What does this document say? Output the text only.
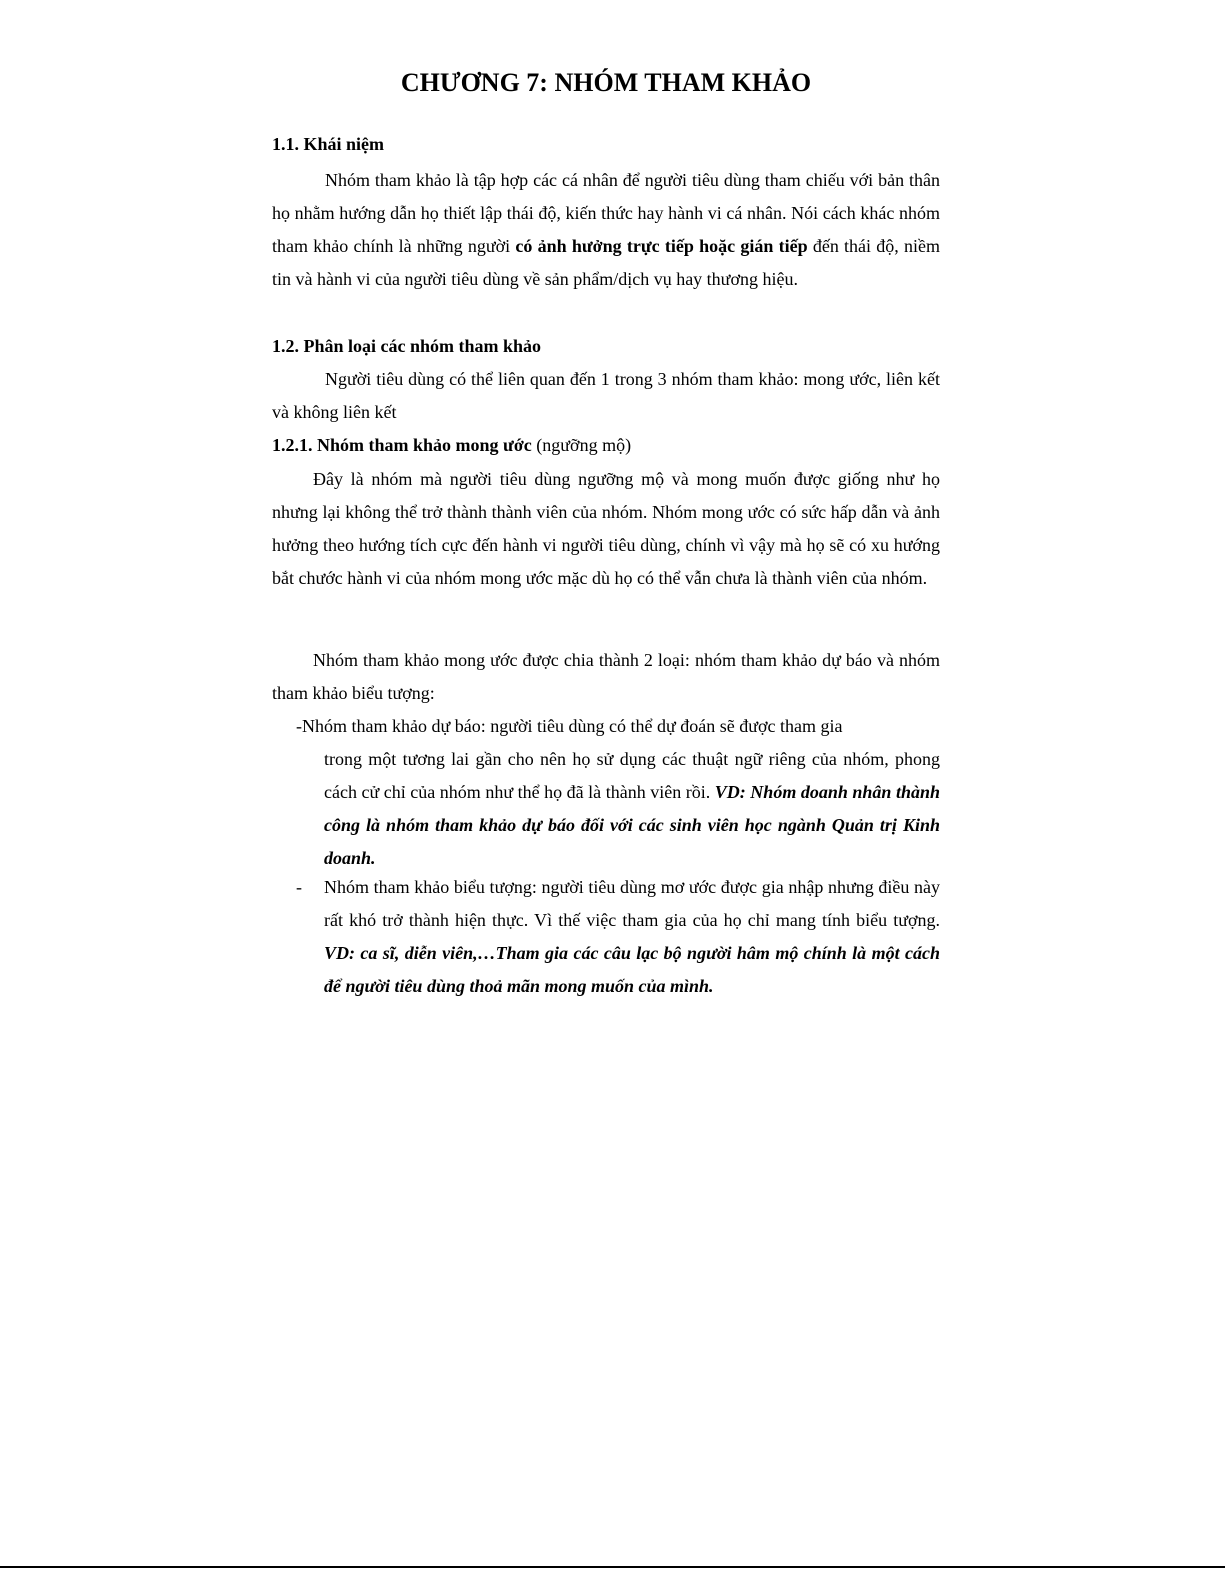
CHƯƠNG 7: NHÓM THAM KHẢO

1.1. Khái niệm

Nhóm tham khảo là tập hợp các cá nhân để người tiêu dùng tham chiếu với bản thân họ nhằm hướng dẫn họ thiết lập thái độ, kiến thức hay hành vi cá nhân. Nói cách khác nhóm tham khảo chính là những người có ảnh hưởng trực tiếp hoặc gián tiếp đến thái độ, niềm tin và hành vi của người tiêu dùng về sản phẩm/dịch vụ hay thương hiệu.

1.2. Phân loại các nhóm tham khảo

Người tiêu dùng có thể liên quan đến 1 trong 3 nhóm tham khảo: mong ước, liên kết và không liên kết

1.2.1. Nhóm tham khảo mong ước (ngưỡng mộ)

Đây là nhóm mà người tiêu dùng ngưỡng mộ và mong muốn được giống như họ nhưng lại không thể trở thành thành viên của nhóm. Nhóm mong ước có sức hấp dẫn và ảnh hưởng theo hướng tích cực đến hành vi người tiêu dùng, chính vì vậy mà họ sẽ có xu hướng bắt chước hành vi của nhóm mong ước mặc dù họ có thể vẫn chưa là thành viên của nhóm.

Nhóm tham khảo mong ước được chia thành 2 loại: nhóm tham khảo dự báo và nhóm tham khảo biểu tượng:

-Nhóm tham khảo dự báo: người tiêu dùng có thể dự đoán sẽ được tham gia

trong một tương lai gần cho nên họ sử dụng các thuật ngữ riêng của nhóm, phong cách cử chỉ của nhóm như thể họ đã là thành viên rồi. VD: Nhóm doanh nhân thành công là nhóm tham khảo dự báo đối với các sinh viên học ngành Quản trị Kinh doanh.

- Nhóm tham khảo biểu tượng: người tiêu dùng mơ ước được gia nhập nhưng điều này rất khó trở thành hiện thực. Vì thế việc tham gia của họ chỉ mang tính biểu tượng. VD: ca sĩ, diễn viên,…Tham gia các câu lạc bộ người hâm mộ chính là một cách để người tiêu dùng thoả mãn mong muốn của mình.
